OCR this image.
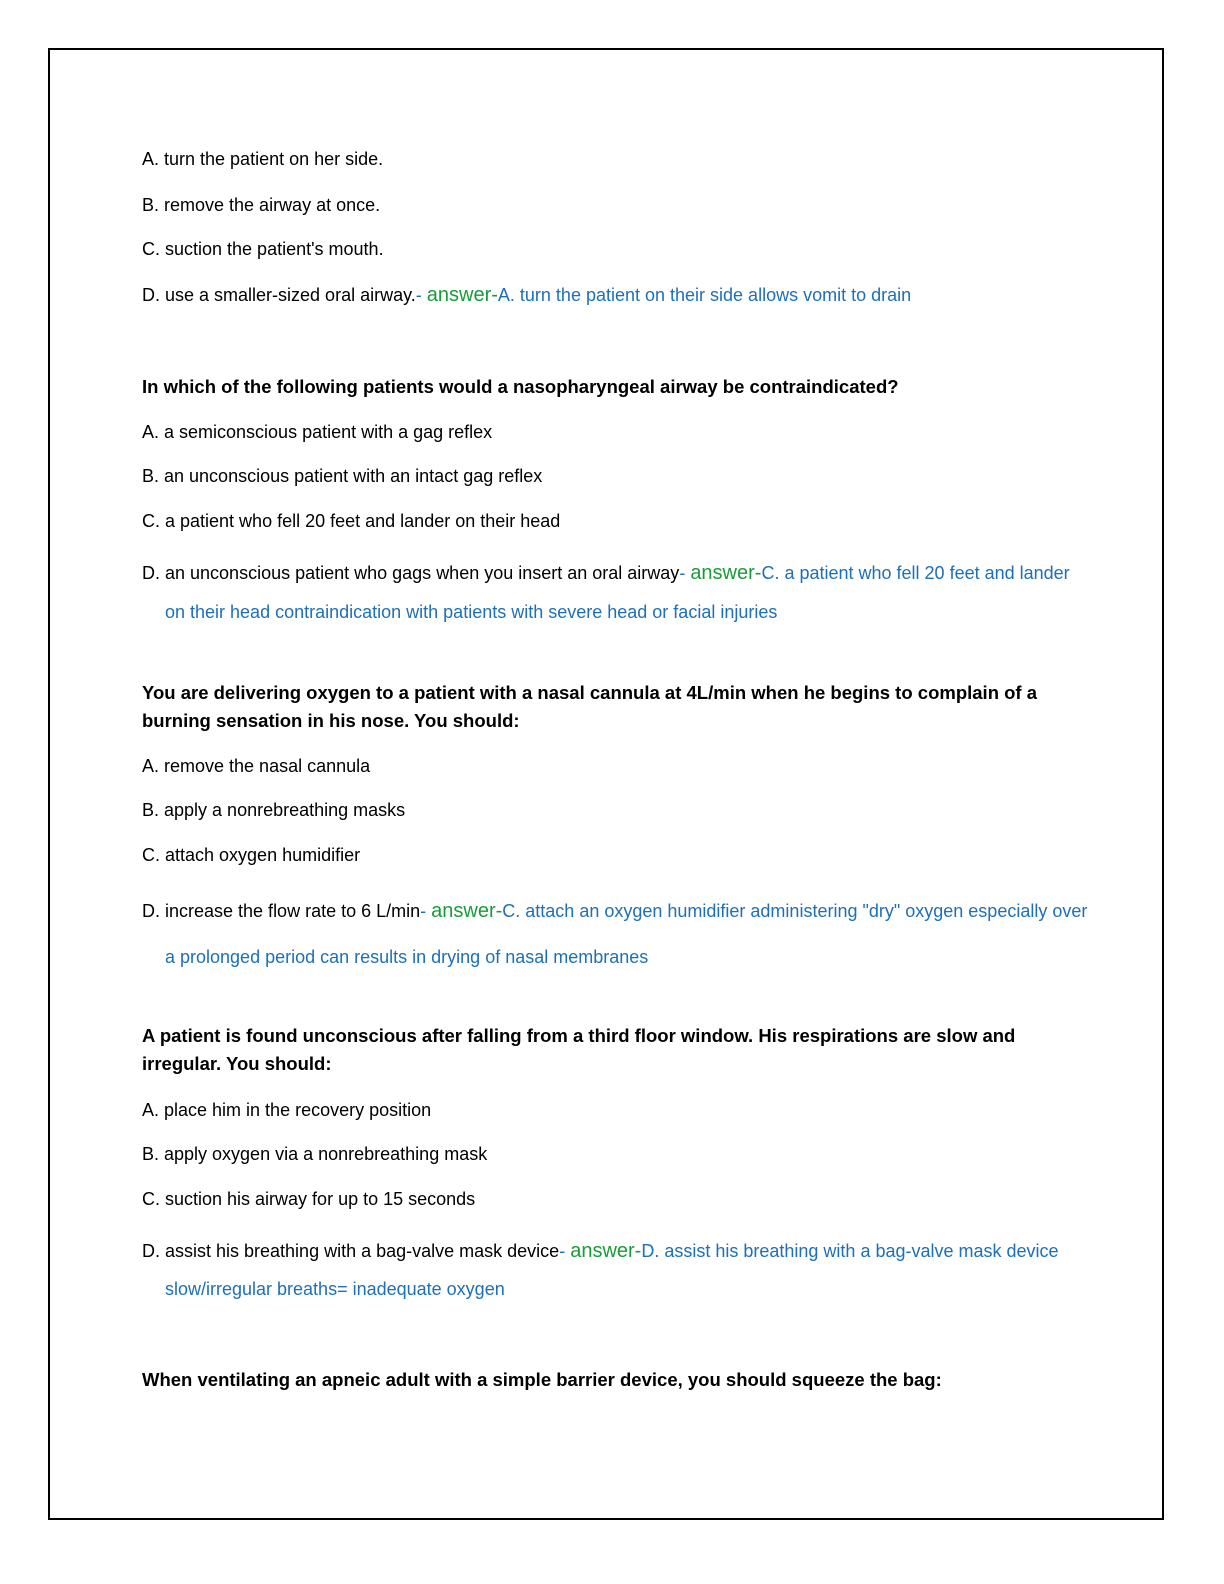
A. turn the patient on her side.
B. remove the airway at once.
C. suction the patient's mouth.
D. use a smaller-sized oral airway.- answer-A. turn the patient on their side allows vomit to drain
In which of the following patients would a nasopharyngeal airway be contraindicated?
A. a semiconscious patient with a gag reflex
B. an unconscious patient with an intact gag reflex
C. a patient who fell 20 feet and lander on their head
D. an unconscious patient who gags when you insert an oral airway- answer-C. a patient who fell 20 feet and lander on their head contraindication with patients with severe head or facial injuries
You are delivering oxygen to a patient with a nasal cannula at 4L/min when he begins to complain of a burning sensation in his nose. You should:
A. remove the nasal cannula
B. apply a nonrebreathing masks
C. attach oxygen humidifier
D. increase the flow rate to 6 L/min- answer-C. attach an oxygen humidifier administering "dry" oxygen especially over a prolonged period can results in drying of nasal membranes
A patient is found unconscious after falling from a third floor window. His respirations are slow and irregular. You should:
A. place him in the recovery position
B. apply oxygen via a nonrebreathing mask
C. suction his airway for up to 15 seconds
D. assist his breathing with a bag-valve mask device- answer-D. assist his breathing with a bag-valve mask device slow/irregular breaths= inadequate oxygen
When ventilating an apneic adult with a simple barrier device, you should squeeze the bag:
